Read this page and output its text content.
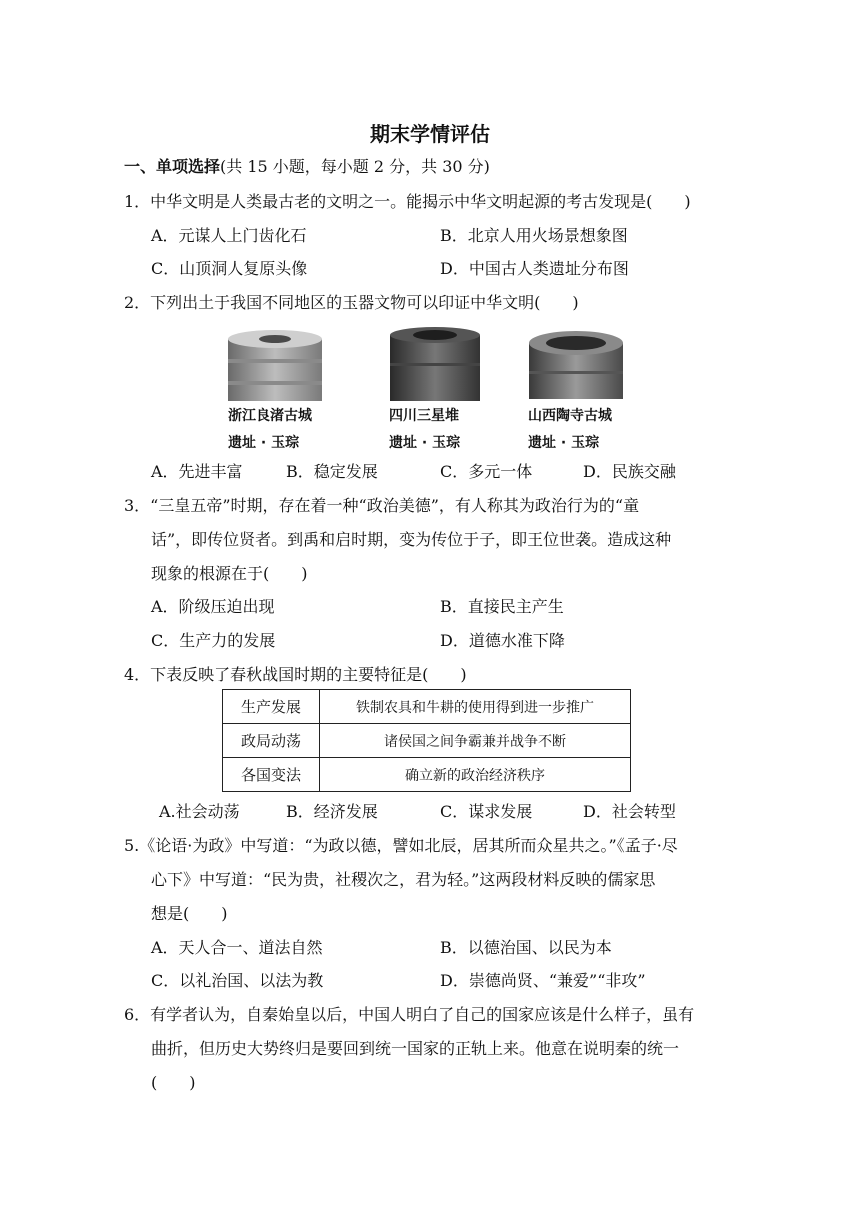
期末学情评估
一、单项选择(共 15 小题，每小题 2 分，共 30 分)
1．中华文明是人类最古老的文明之一。能揭示中华文明起源的考古发现是(　　)
A．元谋人上门齿化石	B．北京人用火场景想象图
C．山顶洞人复原头像	D．中国古人类遗址分布图
2．下列出土于我国不同地区的玉器文物可以印证中华文明(　　)
浙江良渚古城
遗址 · 玉琮
四川三星堆
遗址 · 玉琮
山西陶寺古城
遗址 · 玉琮
A．先进丰富	B．稳定发展	C．多元一体	D．民族交融
3．“三皇五帝”时期，存在着一种“政治美德”，有人称其为政治行为的“童
话”，即传位贤者。到禹和启时期，变为传位于子，即王位世袭。造成这种
现象的根源在于(　　)
A．阶级压迫出现	B．直接民主产生
C．生产力的发展	D．道德水准下降
4．下表反映了春秋战国时期的主要特征是(　　)
生产发展	铁制农具和牛耕的使用得到进一步推广
政局动荡	诸侯国之间争霸兼并战争不断
各国变法	确立新的政治经济秩序
A.社会动荡	B．经济发展	C．谋求发展	D．社会转型
5.《论语·为政》中写道：“为政以德，譬如北辰，居其所而众星共之。”《孟子·尽
心下》中写道：“民为贵，社稷次之，君为轻。”这两段材料反映的儒家思
想是(　　)
A．天人合一、道法自然	B．以德治国、以民为本
C．以礼治国、以法为教	D．崇德尚贤、“兼爱”“非攻”
6．有学者认为，自秦始皇以后，中国人明白了自己的国家应该是什么样子，虽有
曲折，但历史大势终归是要回到统一国家的正轨上来。他意在说明秦的统一
(　　)
